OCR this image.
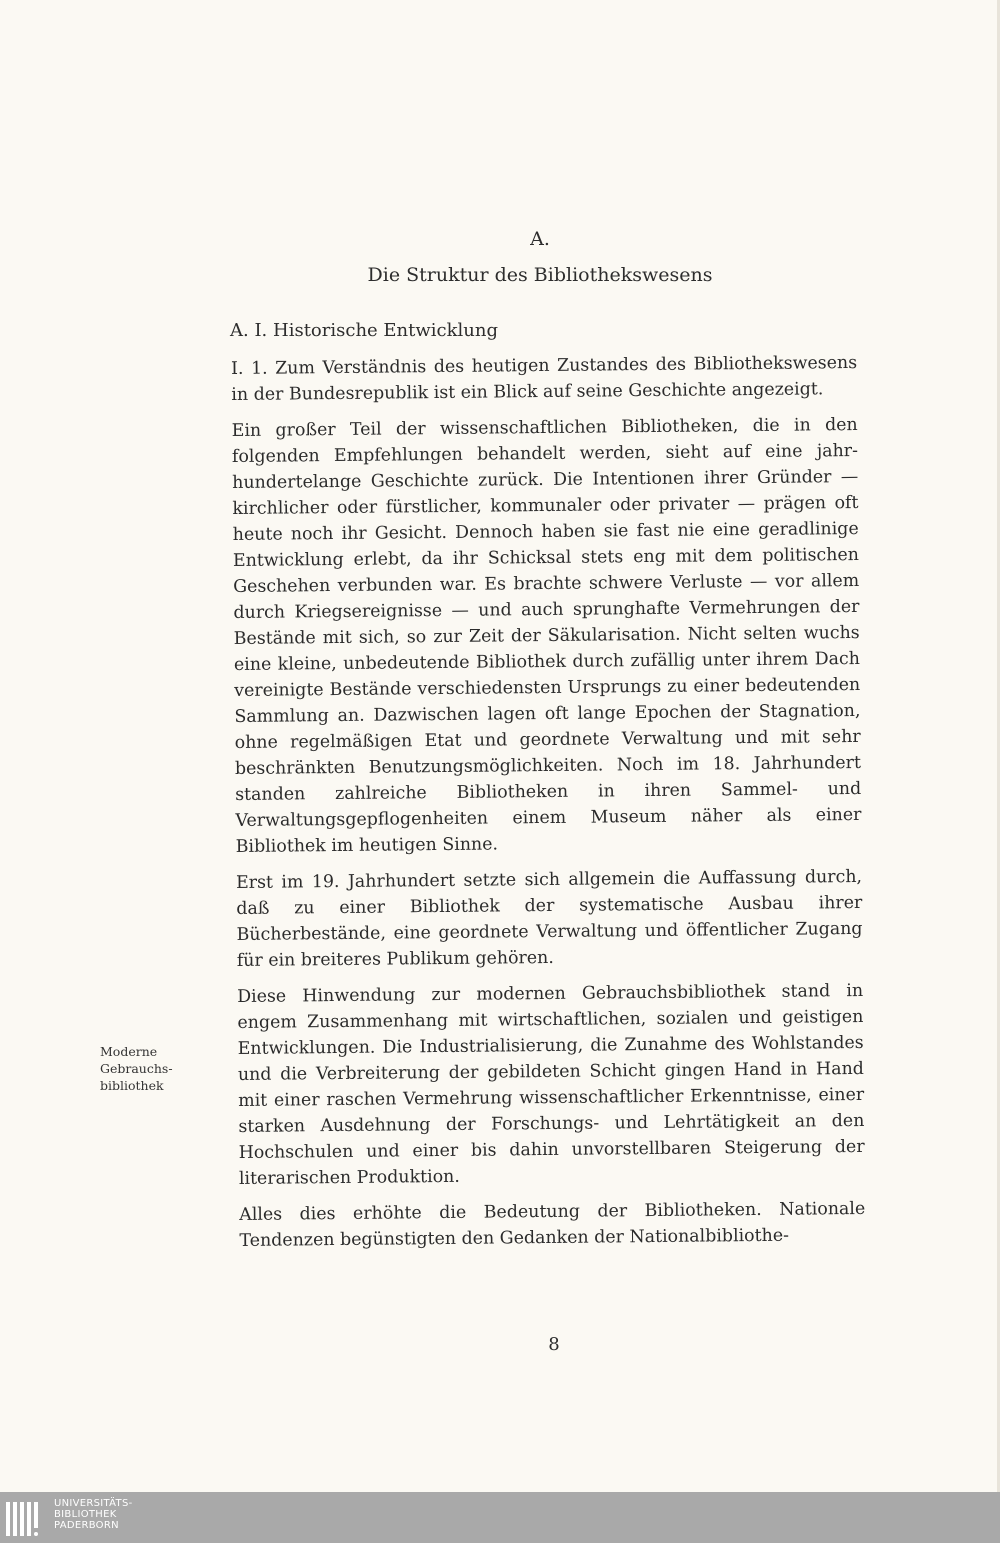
A.
Die Struktur des Bibliothekswesens
A. I. Historische Entwicklung

I. 1. Zum Verständnis des heutigen Zustandes des Bibliothekswesens in der Bundesrepublik ist ein Blick auf seine Geschichte angezeigt.

Ein großer Teil der wissenschaftlichen Bibliotheken, die in den folgenden Empfehlungen behandelt werden, sieht auf eine jahrhundertelange Geschichte zurück. Die Intentionen ihrer Gründer — kirchlicher oder fürstlicher, kommunaler oder privater — prägen oft heute noch ihr Gesicht. Dennoch haben sie fast nie eine geradlinige Entwicklung erlebt, da ihr Schicksal stets eng mit dem politischen Geschehen verbunden war. Es brachte schwere Verluste — vor allem durch Kriegsereignisse — und auch sprunghafte Vermehrungen der Bestände mit sich, so zur Zeit der Säkularisation. Nicht selten wuchs eine kleine, unbedeutende Bibliothek durch zufällig unter ihrem Dach vereinigte Bestände verschiedensten Ursprungs zu einer bedeutenden Sammlung an. Dazwischen lagen oft lange Epochen der Stagnation, ohne regelmäßigen Etat und geordnete Verwaltung und mit sehr beschränkten Benutzungsmöglichkeiten. Noch im 18. Jahrhundert standen zahlreiche Bibliotheken in ihren Sammel- und Verwaltungsgepflogenheiten einem Museum näher als einer Bibliothek im heutigen Sinne.

Erst im 19. Jahrhundert setzte sich allgemein die Auffassung durch, daß zu einer Bibliothek der systematische Ausbau ihrer Bücherbestände, eine geordnete Verwaltung und öffentlicher Zugang für ein breiteres Publikum gehören.

Diese Hinwendung zur modernen Gebrauchsbibliothek stand in engem Zusammenhang mit wirtschaftlichen, sozialen und geistigen Entwicklungen. Die Industrialisierung, die Zunahme des Wohlstandes und die Verbreiterung der gebildeten Schicht gingen Hand in Hand mit einer raschen Vermehrung wissenschaftlicher Erkenntnisse, einer starken Ausdehnung der Forschungs- und Lehrtätigkeit an den Hochschulen und einer bis dahin unvorstellbaren Steigerung der literarischen Produktion.

Alles dies erhöhte die Bedeutung der Bibliotheken. Nationale Tendenzen begünstigten den Gedanken der Nationalbibliothe-

Moderne
Gebrauchs-
bibliothek
8
UNIVERSITÄTS-
BIBLIOTHEK
PADERBORN
